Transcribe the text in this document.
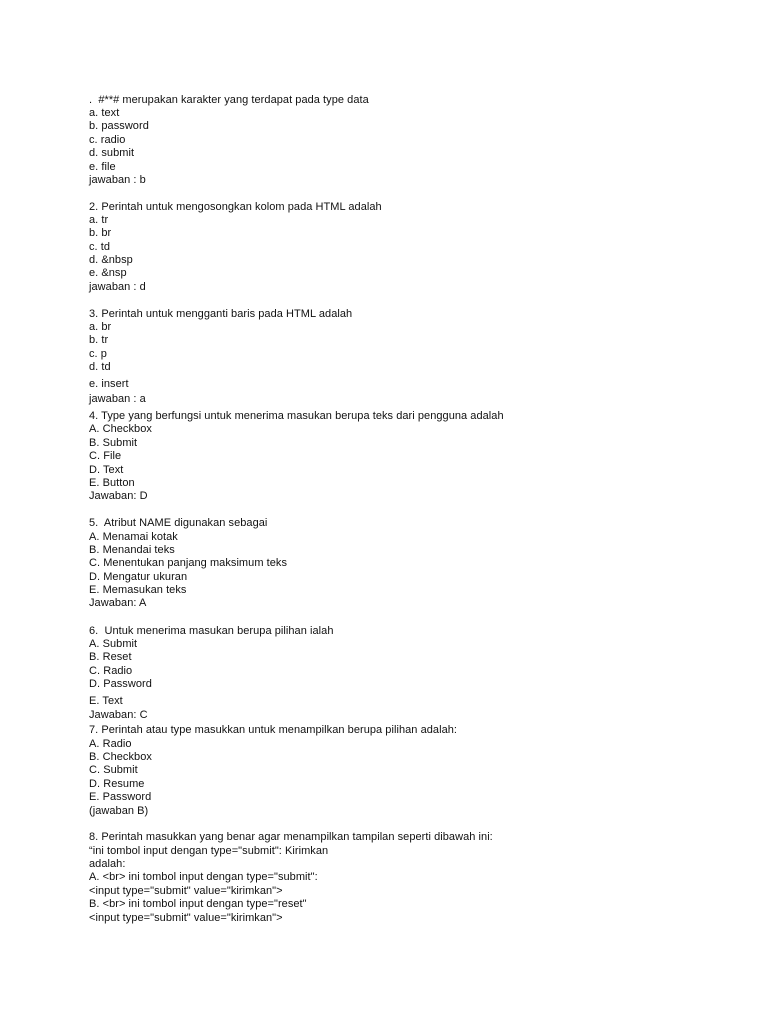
.  #**# merupakan karakter yang terdapat pada type data
a. text
b. password
c. radio
d. submit
e. file
jawaban : b
2. Perintah untuk mengosongkan kolom pada HTML adalah
a. tr
b. br
c. td
d. &nbsp
e. &nsp
jawaban : d
3. Perintah untuk mengganti baris pada HTML adalah
a. br
b. tr
c. p
d. td
e. insert
jawaban : a
4. Type yang berfungsi untuk menerima masukan berupa teks dari pengguna adalah
A. Checkbox
B. Submit
C. File
D. Text
E. Button
Jawaban: D
5.  Atribut NAME digunakan sebagai
A. Menamai kotak
B. Menandai teks
C. Menentukan panjang maksimum teks
D. Mengatur ukuran
E. Memasukan teks
Jawaban: A
6.  Untuk menerima masukan berupa pilihan ialah
A. Submit
B. Reset
C. Radio
D. Password
E. Text
Jawaban: C
7. Perintah atau type masukkan untuk menampilkan berupa pilihan adalah:
A. Radio
B. Checkbox
C. Submit
D. Resume
E. Password
(jawaban B)
8. Perintah masukkan yang benar agar menampilkan tampilan seperti dibawah ini:
“ini tombol input dengan type="submit": Kirimkan
adalah:
A. <br> ini tombol input dengan type="submit":
<input type="submit" value="kirimkan">
B. <br> ini tombol input dengan type="reset"
<input type="submit" value="kirimkan">
